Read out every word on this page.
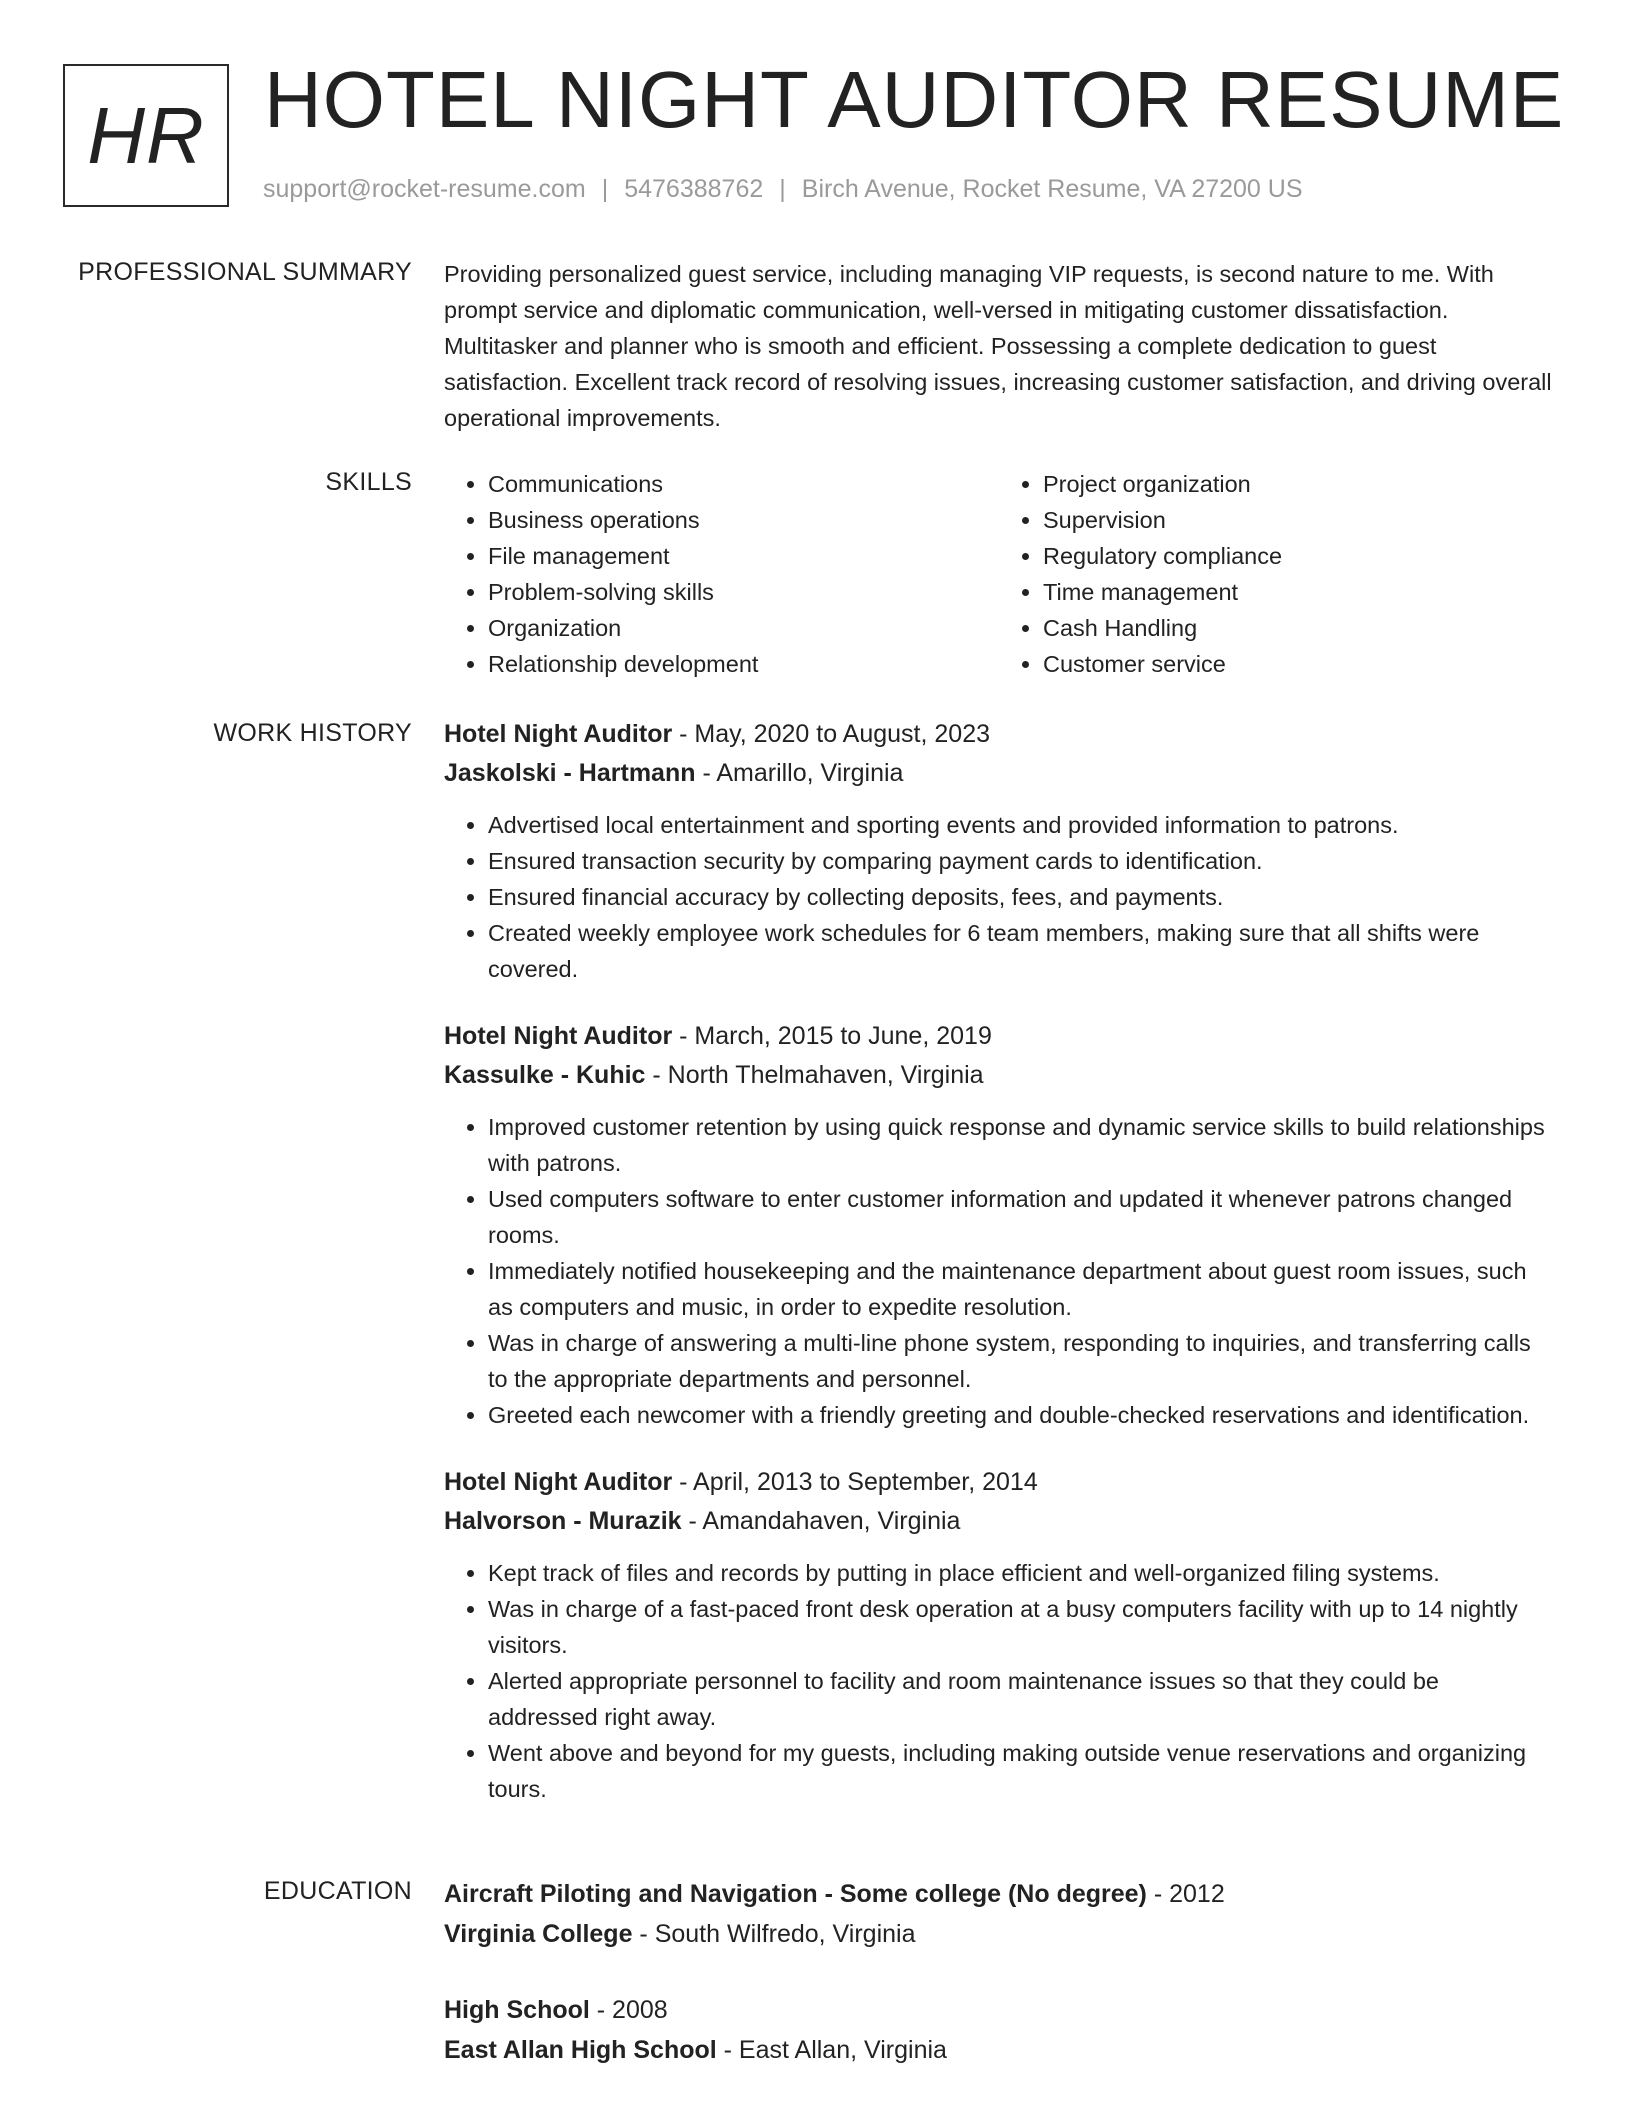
HR HOTEL NIGHT AUDITOR RESUME
support@rocket-resume.com | 5476388762 | Birch Avenue, Rocket Resume, VA 27200 US
PROFESSIONAL SUMMARY Providing personalized guest service, including managing VIP requests, is second nature to me. With prompt service and diplomatic communication, well-versed in mitigating customer dissatisfaction. Multitasker and planner who is smooth and efficient. Possessing a complete dedication to guest satisfaction. Excellent track record of resolving issues, increasing customer satisfaction, and driving overall operational improvements.

SKILLS
•	Communications
• Business operations
• File management
• Problem-solving skills
• Organization
• Relationship development
• Project organization
• Supervision
• Regulatory compliance
• Time management
• Cash Handling
• Customer service
WORK HISTORY Hotel Night Auditor - May, 2020 to August, 2023
Jaskolski - Hartmann - Amarillo, Virginia
• Advertised local entertainment and sporting events and provided information to patrons.
• Ensured transaction security by comparing payment cards to identification.
• Ensured financial accuracy by collecting deposits, fees, and payments.
• Created weekly employee work schedules for 6 team members, making sure that all shifts were covered.
Hotel Night Auditor - March, 2015 to June, 2019
Kassulke - Kuhic - North Thelmahaven, Virginia
• Improved customer retention by using quick response and dynamic service skills to build relationships with patrons.
• Used computers software to enter customer information and updated it whenever patrons changed rooms.
• Immediately notified housekeeping and the maintenance department about guest room issues, such as computers and music, in order to expedite resolution.
• Was in charge of answering a multi-line phone system, responding to inquiries, and transferring calls to the appropriate departments and personnel.
• Greeted each newcomer with a friendly greeting and double-checked reservations and identification.
Hotel Night Auditor - April, 2013 to September, 2014
Halvorson - Murazik - Amandahaven, Virginia
• Kept track of files and records by putting in place efficient and well-organized filing systems.
• Was in charge of a fast-paced front desk operation at a busy computers facility with up to 14 nightly visitors.
• Alerted appropriate personnel to facility and room maintenance issues so that they could be addressed right away.
• Went above and beyond for my guests, including making outside venue reservations and organizing tours.
EDUCATION Aircraft Piloting and Navigation - Some college (No degree) - 2012
Virginia College - South Wilfredo, Virginia
High School - 2008
East Allan High School - East Allan, Virginia
